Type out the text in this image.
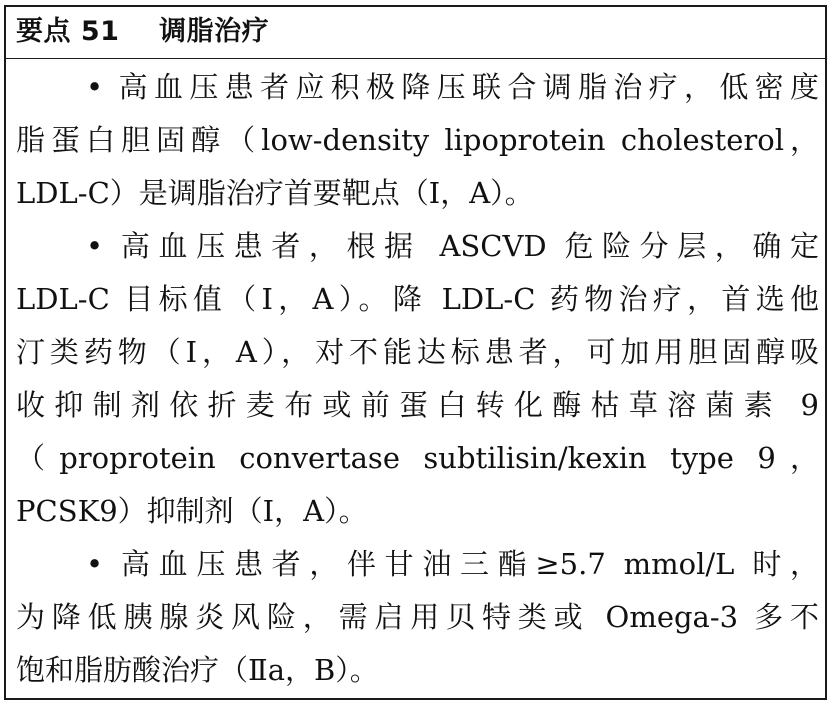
要点 51 调脂治疗
• 高血压患者应积极降压联合调脂治疗，低密度
脂蛋白胆固醇（low-density lipoprotein cholesterol，
LDL-C）是调脂治疗首要靶点（Ⅰ，A）。
• 高血压患者，根据 ASCVD 危险分层，确定
LDL-C 目标值（Ⅰ，A）。降 LDL-C 药物治疗，首选他
汀类药物（Ⅰ，A），对不能达标患者，可加用胆固醇吸
收抑制剂依折麦布或前蛋白转化酶枯草溶菌素 9
（proprotein convertase subtilisin/kexin type 9，
PCSK9）抑制剂（Ⅰ，A）。
• 高血压患者，伴甘油三酯≥5.7 mmol/L 时，
为降低胰腺炎风险，需启用贝特类或 Omega-3 多不
饱和脂肪酸治疗（Ⅱa，B）。
